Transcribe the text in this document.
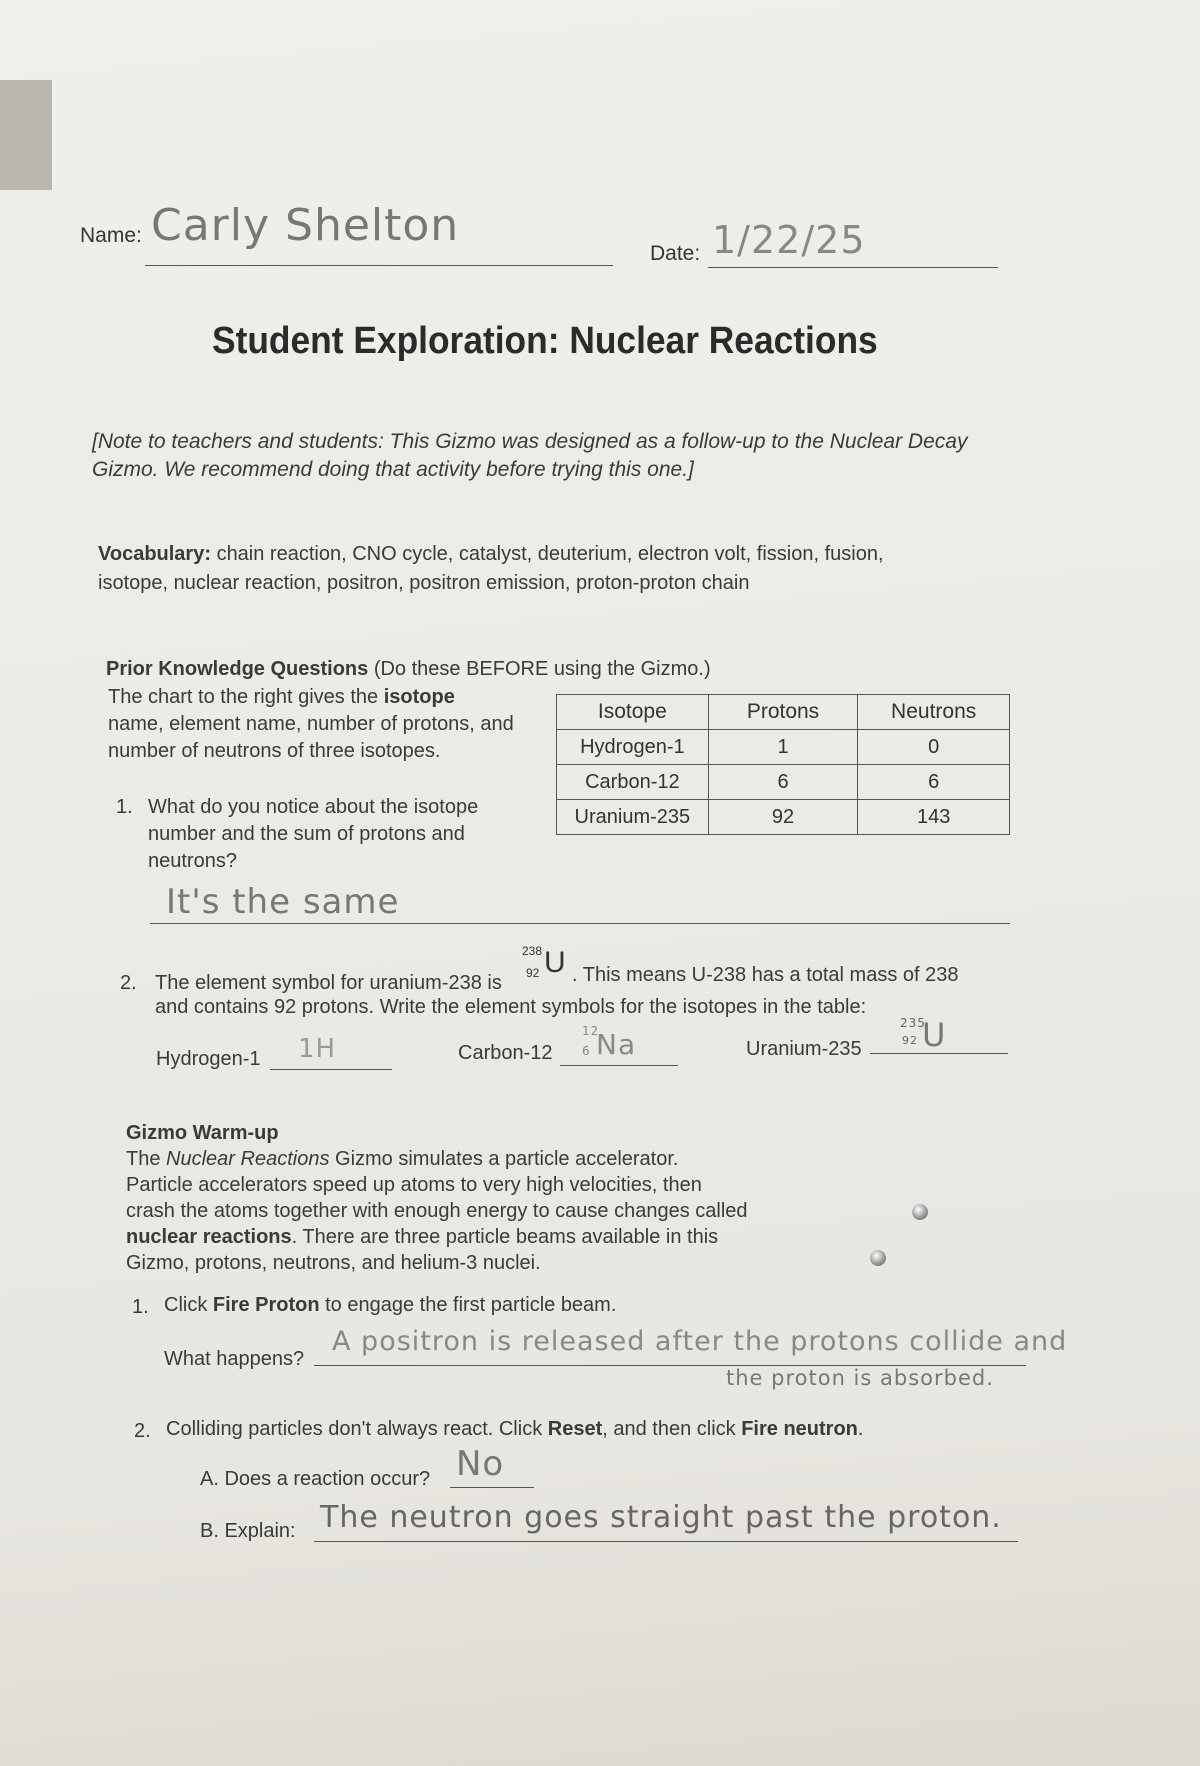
Name: Carly Shelton
Date: 1/22/25
Student Exploration: Nuclear Reactions
[Note to teachers and students: This Gizmo was designed as a follow-up to the Nuclear Decay
Gizmo. We recommend doing that activity before trying this one.]
Vocabulary: chain reaction, CNO cycle, catalyst, deuterium, electron volt, fission, fusion,
isotope, nuclear reaction, positron, positron emission, proton-proton chain
Prior Knowledge Questions (Do these BEFORE using the Gizmo.)
The chart to the right gives the isotope
name, element name, number of protons, and
number of neutrons of three isotopes.
Isotope	Protons	Neutrons
Hydrogen-1	1	0
Carbon-12	6	6
Uranium-235	92	143
1. What do you notice about the isotope
number and the sum of protons and
neutrons?
It's the same
2. The element symbol for uranium-238 is
238
92 U . This means U-238 has a total mass of 238
and contains 92 protons. Write the element symbols for the isotopes in the table:
Hydrogen-1 1H	Carbon-12
12
6 Na	Uranium-235
235
92 U
Gizmo Warm-up
The Nuclear Reactions Gizmo simulates a particle accelerator.
Particle accelerators speed up atoms to very high velocities, then
crash the atoms together with enough energy to cause changes called
nuclear reactions. There are three particle beams available in this
Gizmo, protons, neutrons, and helium-3 nuclei.
1. Click Fire Proton to engage the first particle beam.
What happens?
A positron is released after the protons collide and
the proton is absorbed.
2. Colliding particles don't always react. Click Reset, and then click Fire neutron.
A. Does a reaction occur? No
B. Explain: The neutron goes straight past the proton.
